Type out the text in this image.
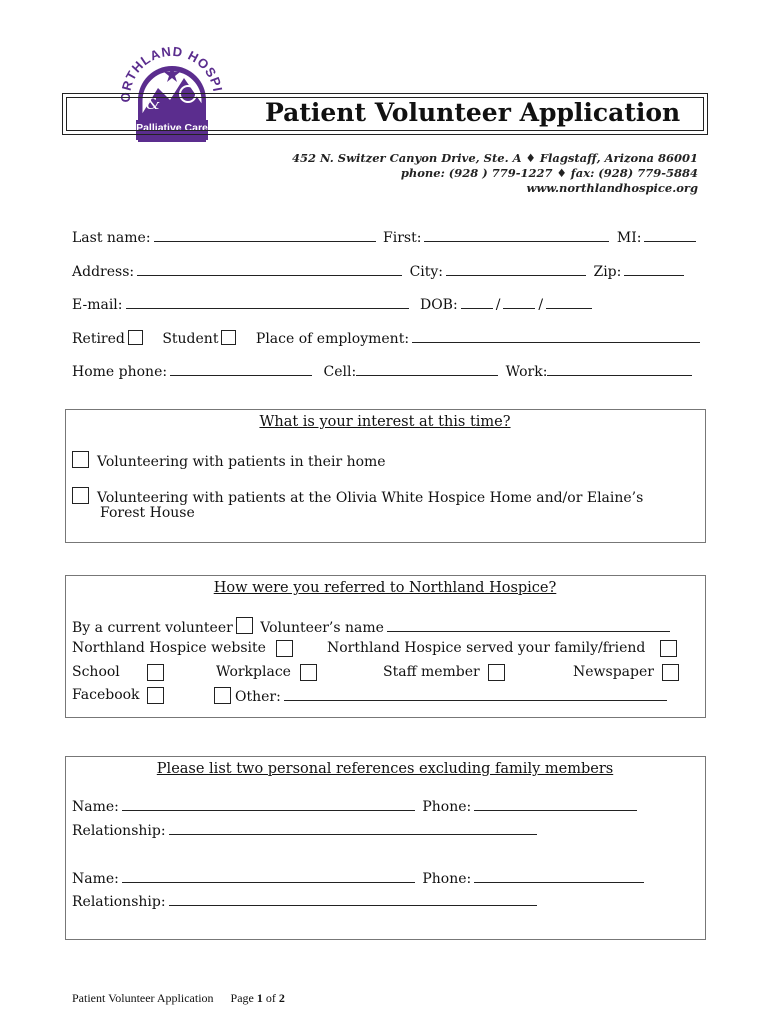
ORTHLAND HOSPI
&
Palliative Care
Patient Volunteer Application
452 N. Switzer Canyon Drive, Ste. A ♦ Flagstaff, Arizona 86001
phone: (928 ) 779-1227 ♦ fax: (928) 779-5884
www.northlandhospice.org
Last name:	First:	MI:
Address:	City:	Zip:
E-mail:	DOB:	/	/
Retired	Student	Place of employment:
Home phone:	Cell:	Work:
What is your interest at this time?
Volunteering with patients in their home
Volunteering with patients at the Olivia White Hospice Home and/or Elaine’s
Forest House
How were you referred to Northland Hospice?
By a current volunteer Volunteer’s name
Northland Hospice website	Northland Hospice served your family/friend
School	Workplace	Staff member	Newspaper
Facebook	Other:
Please list two personal references excluding family members
Name:	Phone:
Relationship:
Name:	Phone:
Relationship:
Patient Volunteer Application Page 1 of 2
